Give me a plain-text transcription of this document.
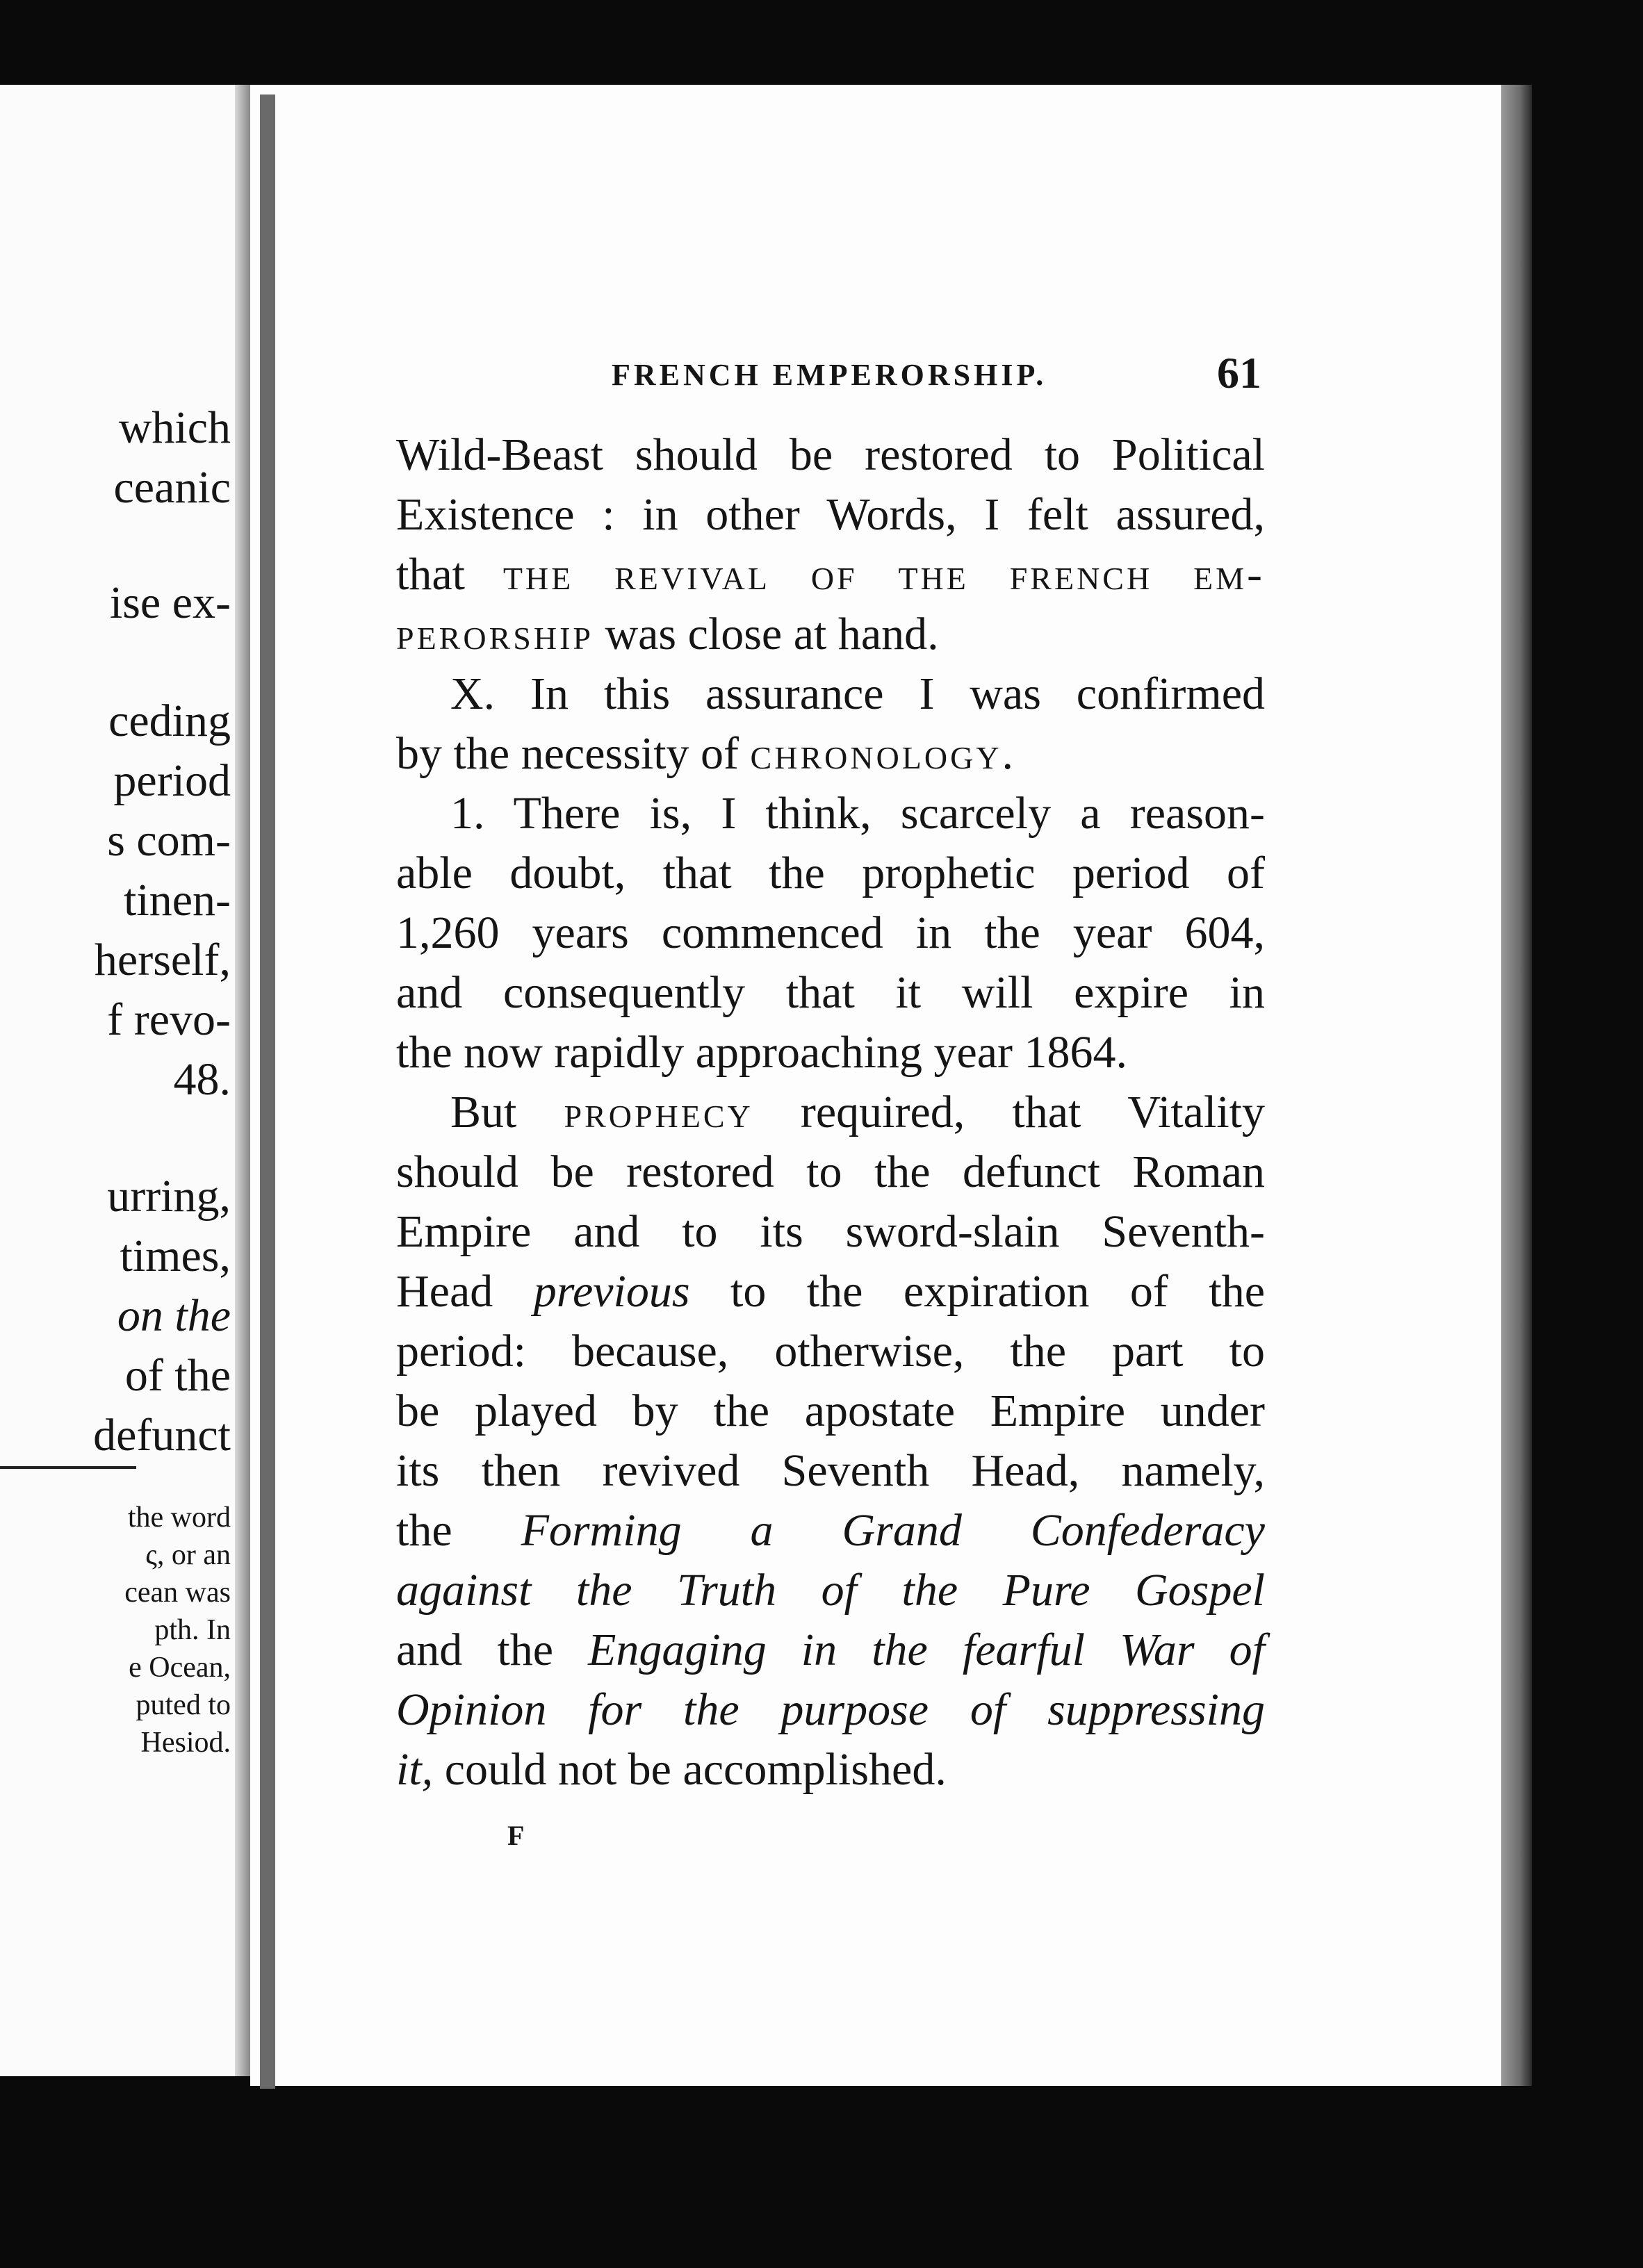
FRENCH EMPERORSHIP.	61
Wild-Beast should be restored to Political
Existence : in other Words, I felt assured,
that the revival of the french em-
perorship was close at hand.
X. In this assurance I was confirmed
by the necessity of chronology.
1. There is, I think, scarcely a reason-
able doubt, that the prophetic period of
1,260 years commenced in the year 604,
and consequently that it will expire in
the now rapidly approaching year 1864.
But prophecy required, that Vitality
should be restored to the defunct Roman
Empire and to its sword-slain Seventh-
Head previous to the expiration of the
period: because, otherwise, the part to
be played by the apostate Empire under
its then revived Seventh Head, namely,
the Forming a Grand Confederacy
against the Truth of the Pure Gospel
and the Engaging in the fearful War of
Opinion for the purpose of suppressing
it, could not be accomplished.
F
which
ceanic
ise ex-
ceding
period
s com-
tinen-
herself,
f revo-
48.
urring,
times,
on the
of the
defunct
the word
ς, or an
cean was
pth. In
e Ocean,
puted to
Hesiod.
